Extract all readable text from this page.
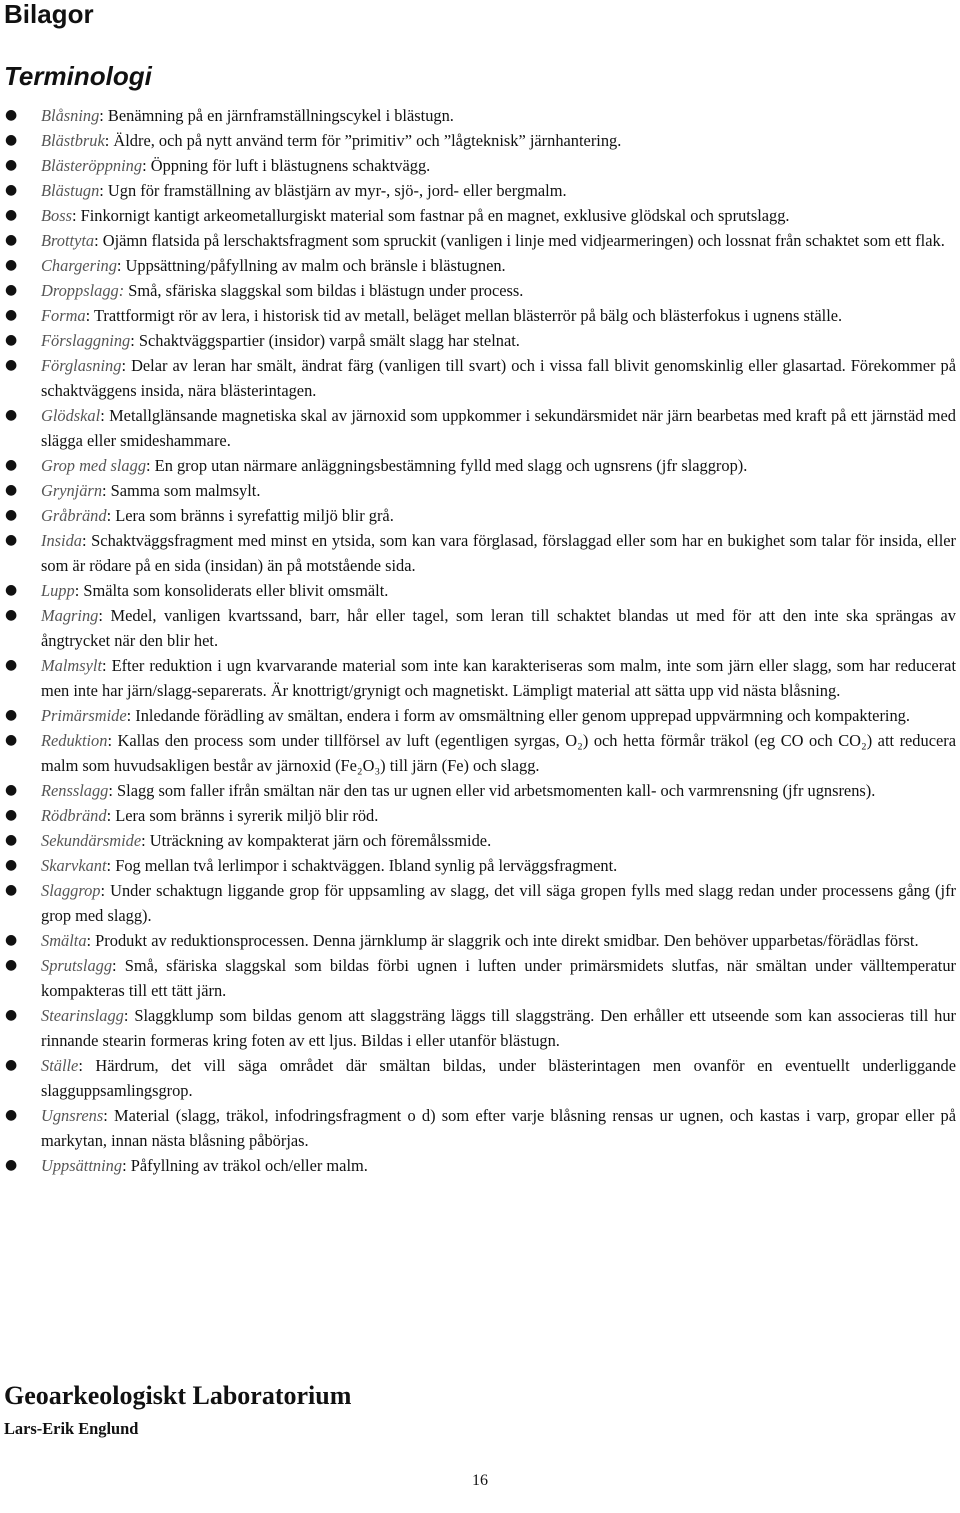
Bilagor
Terminologi
● Blåsning: Benämning på en järnframställningscykel i blästugn.
● Blästbruk: Äldre, och på nytt använd term för ”primitiv” och ”lågteknisk” järnhantering.
● Blästeröppning: Öppning för luft i blästugnens schaktvägg.
● Blästugn: Ugn för framställning av blästjärn av myr-, sjö-, jord- eller bergmalm.
● Boss: Finkornigt kantigt arkeometallurgiskt material som fastnar på en magnet, exklusive glödskal och sprutslagg.
● Brottyta: Ojämn flatsida på lerschaktsfragment som spruckit (vanligen i linje med vidjearmeringen) och lossnat från schaktet som ett flak.
● Chargering: Uppsättning/påfyllning av malm och bränsle i blästugnen.
● Droppslagg: Små, sfäriska slaggskal som bildas i blästugn under process.
● Forma: Trattformigt rör av lera, i historisk tid av metall, beläget mellan blästerrör på bälg och blästerfokus i ugnens ställe.
● Förslaggning: Schaktväggspartier (insidor) varpå smält slagg har stelnat.
● Förglasning: Delar av leran har smält, ändrat färg (vanligen till svart) och i vissa fall blivit genomskinlig eller glasartad. Förekommer på schaktväggens insida, nära blästerintagen.
● Glödskal: Metallglänsande magnetiska skal av järnoxid som uppkommer i sekundärsmidet när järn bearbetas med kraft på ett järnstäd med slägga eller smideshammare.
● Grop med slagg: En grop utan närmare anläggningsbestämning fylld med slagg och ugnsrens (jfr slaggrop).
● Grynjärn: Samma som malmsylt.
● Gråbränd: Lera som bränns i syrefattig miljö blir grå.
● Insida: Schaktväggsfragment med minst en ytsida, som kan vara förglasad, förslaggad eller som har en bukighet som talar för insida, eller som är rödare på en sida (insidan) än på motstående sida.
● Lupp: Smälta som konsoliderats eller blivit omsmält.
● Magring: Medel, vanligen kvartssand, barr, hår eller tagel, som leran till schaktet blandas ut med för att den inte ska sprängas av ångtrycket när den blir het.
● Malmsylt: Efter reduktion i ugn kvarvarande material som inte kan karakteriseras som malm, inte som järn eller slagg, som har reducerat men inte har järn/slagg-separerats. Är knottrigt/grynigt och magnetiskt. Lämpligt material att sätta upp vid nästa blåsning.
● Primärsmide: Inledande förädling av smältan, endera i form av omsmältning eller genom upprepad uppvärmning och kompaktering.
● Reduktion: Kallas den process som under tillförsel av luft (egentligen syrgas, O₂) och hetta förmår träkol (eg CO och CO₂) att reducera malm som huvudsakligen består av järnoxid (Fe₂O₃) till järn (Fe) och slagg.
● Rensslagg: Slagg som faller ifrån smältan när den tas ur ugnen eller vid arbetsmomenten kall- och varmrensning (jfr ugnsrens).
● Rödbränd: Lera som bränns i syrerik miljö blir röd.
● Sekundärsmide: Uträckning av kompakterat järn och föremålssmide.
● Skarvkant: Fog mellan två lerlimpor i schaktväggen. Ibland synlig på lerväggsfragment.
● Slaggrop: Under schaktugn liggande grop för uppsamling av slagg, det vill säga gropen fylls med slagg redan under processens gång (jfr grop med slagg).
● Smälta: Produkt av reduktionsprocessen. Denna järnklump är slaggrik och inte direkt smidbar. Den behöver upparbetas/förädlas först.
● Sprutslagg: Små, sfäriska slaggskal som bildas förbi ugnen i luften under primärsmidets slutfas, när smältan under välltemperatur kompakteras till ett tätt järn.
● Stearinslagg: Slaggklump som bildas genom att slaggsträng läggs till slaggsträng. Den erhåller ett utseende som kan associeras till hur rinnande stearin formeras kring foten av ett ljus. Bildas i eller utanför blästugn.
● Ställe: Härdrum, det vill säga området där smältan bildas, under blästerintagen men ovanför en eventuellt underliggande slagguppsamlingsgrop.
● Ugnsrens: Material (slagg, träkol, infodringsfragment o d) som efter varje blåsning rensas ur ugnen, och kastas i varp, gropar eller på markytan, innan nästa blåsning påbörjas.
● Uppsättning: Påfyllning av träkol och/eller malm.
Geoarkeologiskt Laboratorium
Lars-Erik Englund
16
